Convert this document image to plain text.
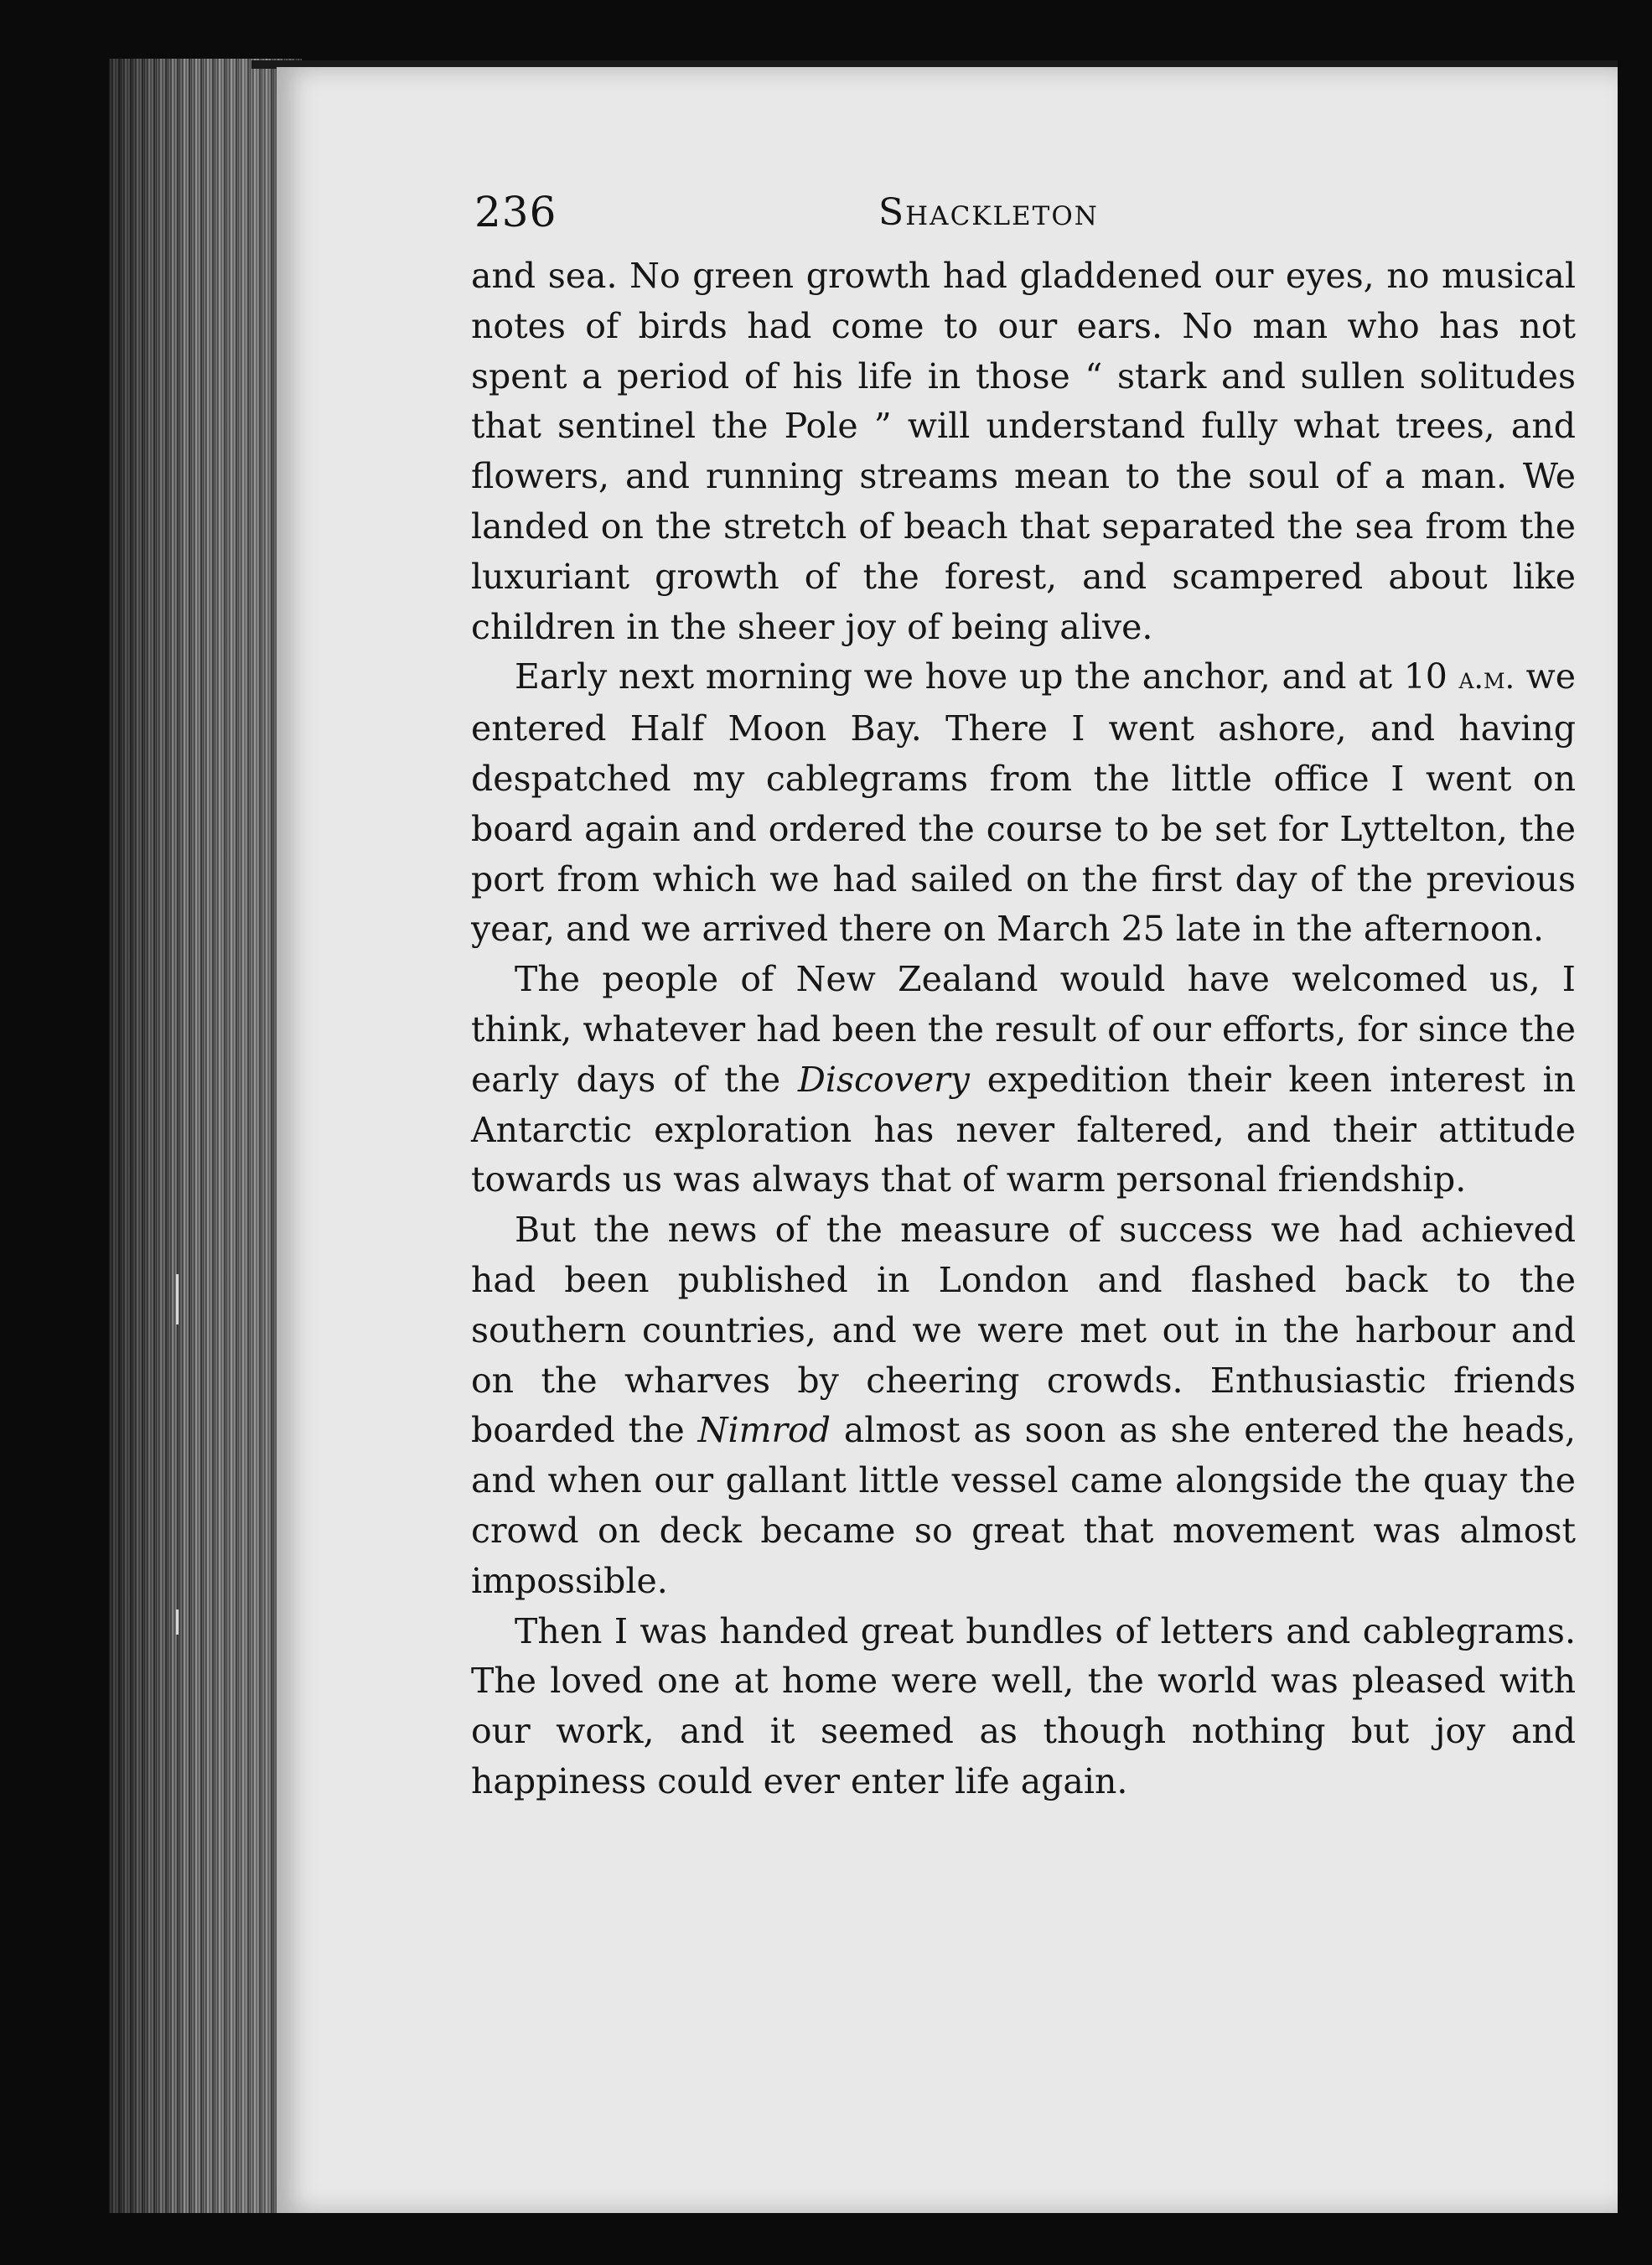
236	Shackleton

and sea. No green growth had gladdened our eyes, no musical notes of birds had come to our ears. No man who has not spent a period of his life in those “ stark and sullen solitudes that sentinel the Pole ” will understand fully what trees, and flowers, and running streams mean to the soul of a man. We landed on the stretch of beach that separated the sea from the luxuriant growth of the forest, and scampered about like children in the sheer joy of being alive.

Early next morning we hove up the anchor, and at 10 a.m. we entered Half Moon Bay. There I went ashore, and having despatched my cablegrams from the little office I went on board again and ordered the course to be set for Lyttelton, the port from which we had sailed on the first day of the previous year, and we arrived there on March 25 late in the afternoon.

The people of New Zealand would have welcomed us, I think, whatever had been the result of our efforts, for since the early days of the Discovery expedition their keen interest in Antarctic exploration has never faltered, and their attitude towards us was always that of warm personal friendship.

But the news of the measure of success we had achieved had been published in London and flashed back to the southern countries, and we were met out in the harbour and on the wharves by cheering crowds. Enthusiastic friends boarded the Nimrod almost as soon as she entered the heads, and when our gallant little vessel came alongside the quay the crowd on deck became so great that movement was almost impossible.

Then I was handed great bundles of letters and cablegrams. The loved one at home were well, the world was pleased with our work, and it seemed as though nothing but joy and happiness could ever enter life again.
